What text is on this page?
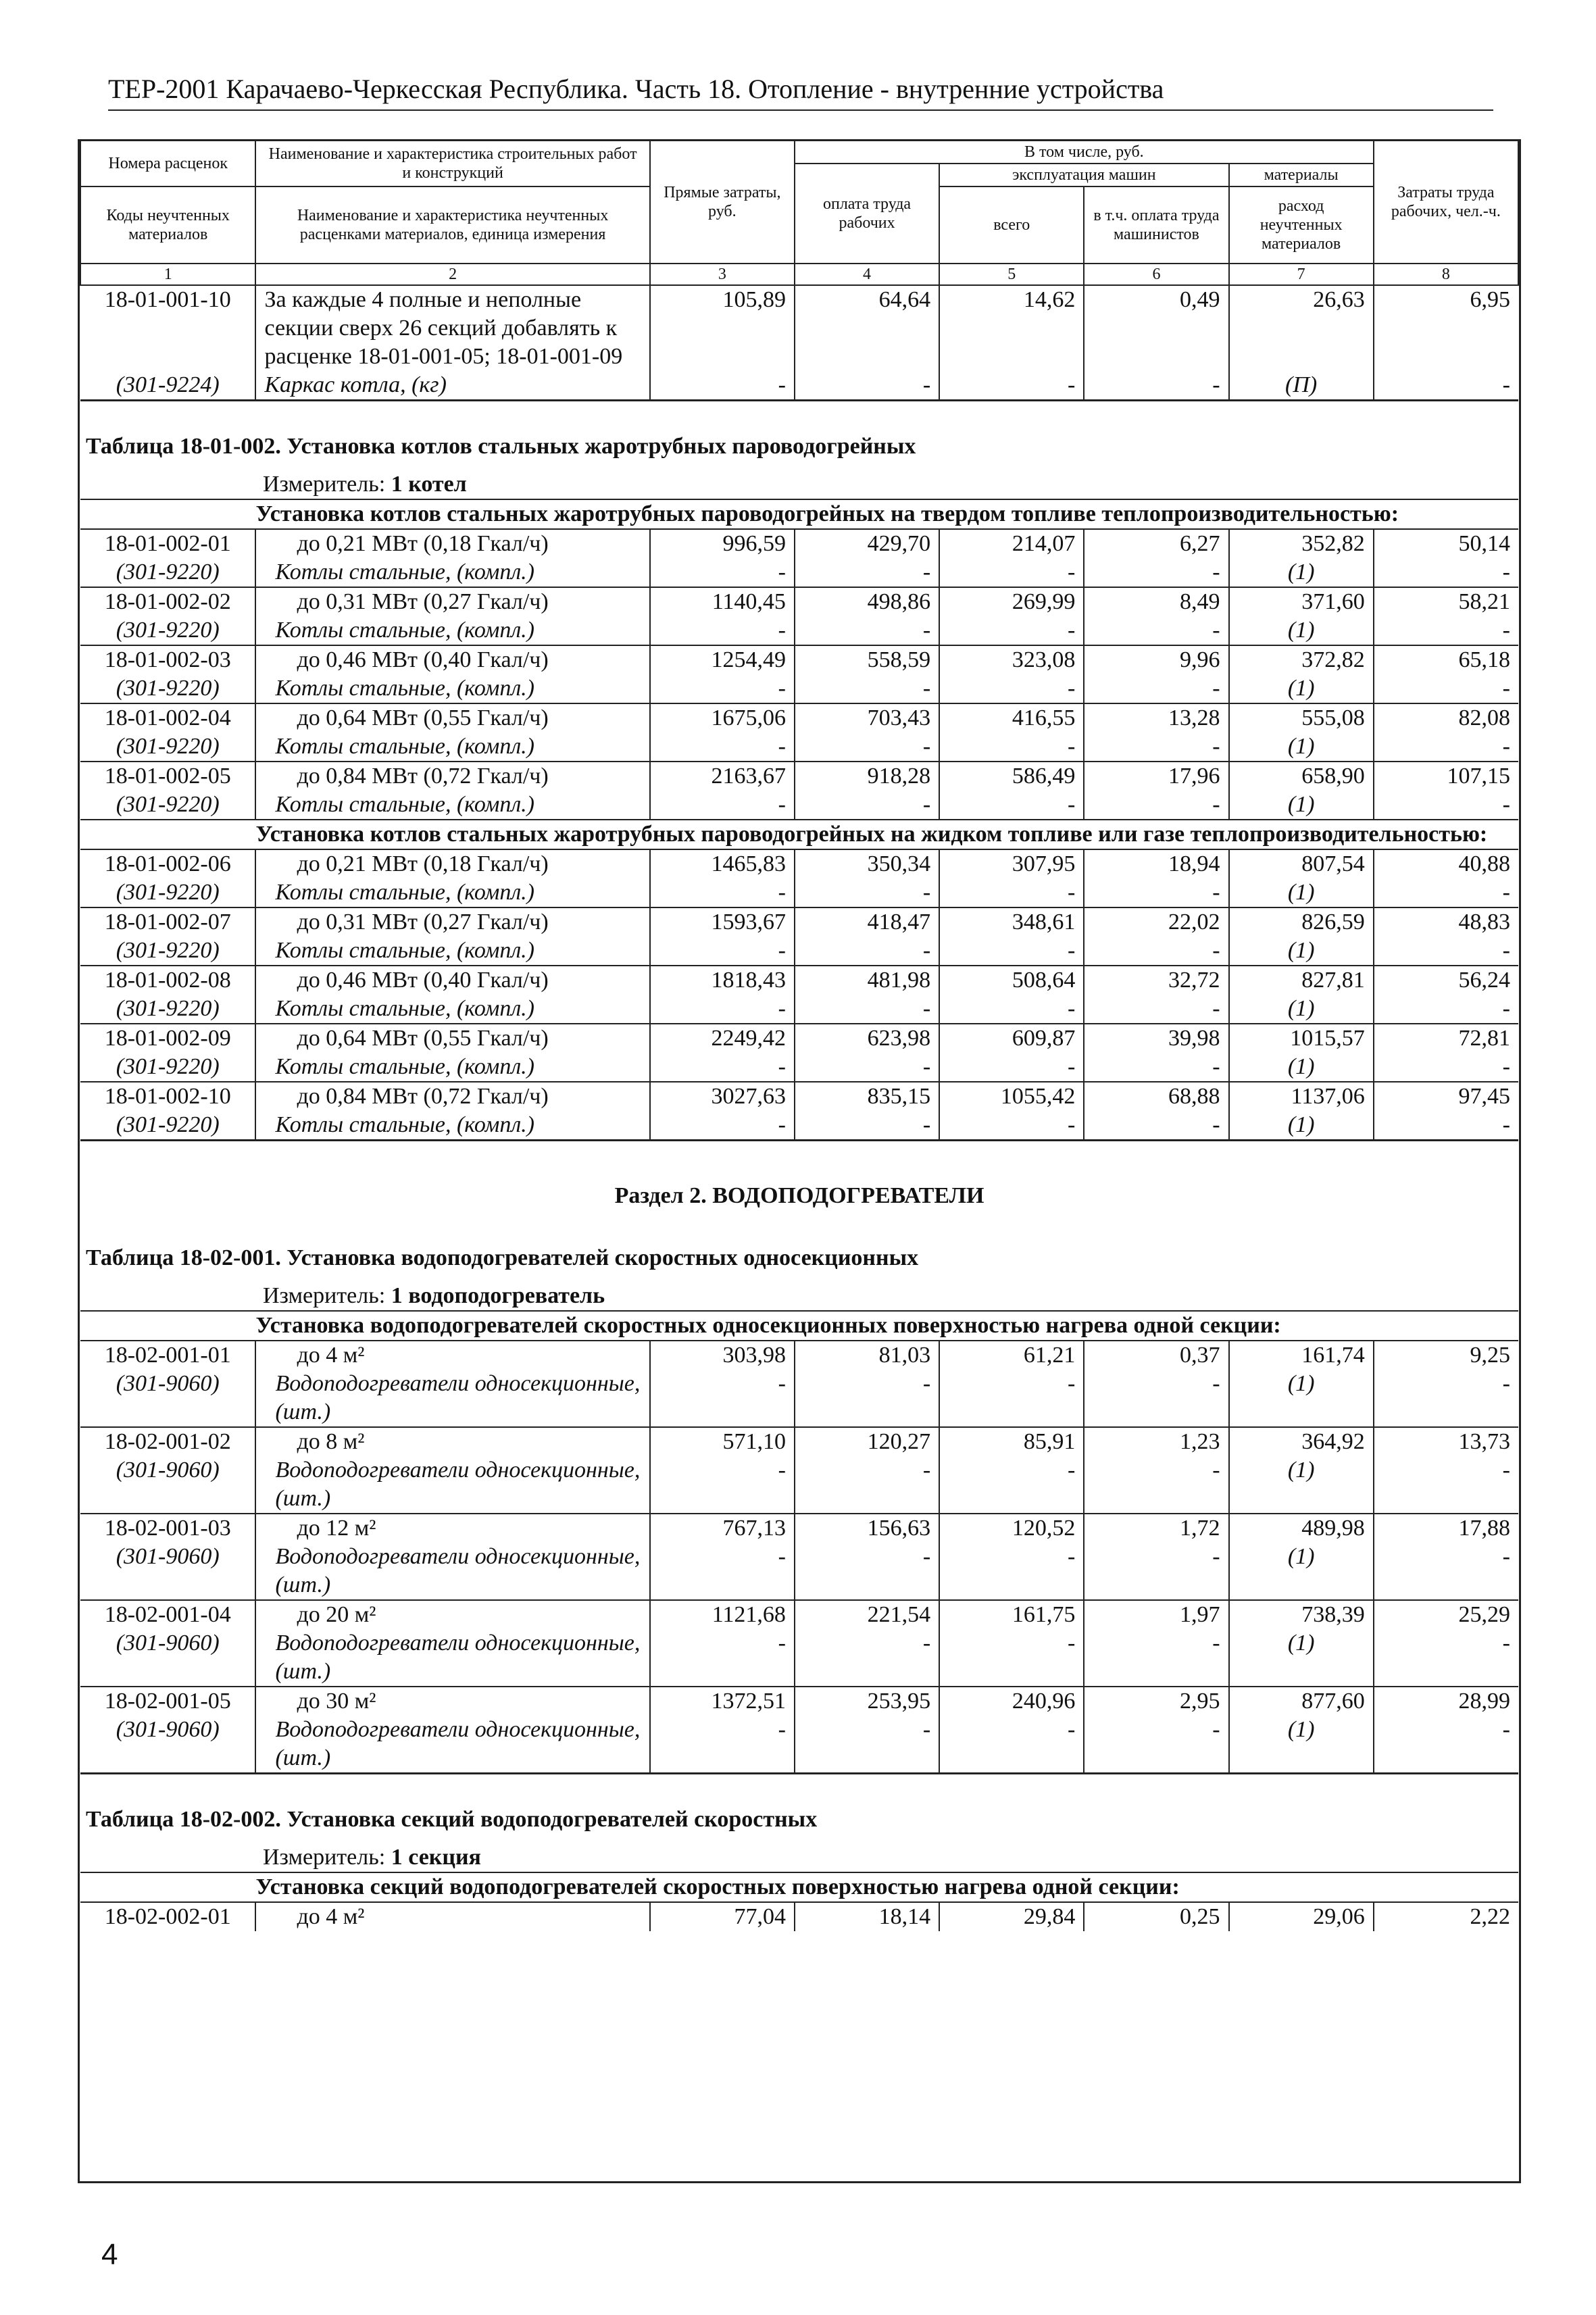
ТЕР-2001 Карачаево-Черкесская Республика. Часть 18. Отопление - внутренние устройства
Номера расценок	Наименование и характеристика строительных работ и конструкций	Прямые затраты, руб.	В том числе, руб.				Затраты труда рабочих, чел.-ч.
			оплата труда рабочих	эксплуатация машин		материалы	
Коды неучтенных материалов	Наименование и характеристика неучтенных расценками материалов, единица измерения			всего	в т.ч. оплата труда машинистов	расход неучтенных материалов	

1	2	3	4	5	6	7	8
18-01-001-10	За каждые 4 полные и неполные секции сверх 26 секций добавлять к расценке 18-01-001-05; 18-01-001-09	105,89	64,64	14,62	0,49	26,63	6,95
(301-9224)	Каркас котла, (кг)	-	-	-	-	(П)	-
Таблица 18-01-002. Установка котлов стальных жаротрубных пароводогрейных							
Измеритель: 1 котел							
	Установка котлов стальных жаротрубных пароводогрейных на твердом топливе теплопроизводительностью:						
18-01-002-01	до 0,21 МВт (0,18 Гкал/ч)	996,59	429,70	214,07	6,27	352,82	50,14
(301-9220)	Котлы стальные, (компл.)	-	-	-	-	(1)	-
18-01-002-02	до 0,31 МВт (0,27 Гкал/ч)	1140,45	498,86	269,99	8,49	371,60	58,21
(301-9220)	Котлы стальные, (компл.)	-	-	-	-	(1)	-
18-01-002-03	до 0,46 МВт (0,40 Гкал/ч)	1254,49	558,59	323,08	9,96	372,82	65,18
(301-9220)	Котлы стальные, (компл.)	-	-	-	-	(1)	-
18-01-002-04	до 0,64 МВт (0,55 Гкал/ч)	1675,06	703,43	416,55	13,28	555,08	82,08
(301-9220)	Котлы стальные, (компл.)	-	-	-	-	(1)	-
18-01-002-05	до 0,84 МВт (0,72 Гкал/ч)	2163,67	918,28	586,49	17,96	658,90	107,15
(301-9220)	Котлы стальные, (компл.)	-	-	-	-	(1)	-
	Установка котлов стальных жаротрубных пароводогрейных на жидком топливе или газе теплопроизводительностью:						
18-01-002-06	до 0,21 МВт (0,18 Гкал/ч)	1465,83	350,34	307,95	18,94	807,54	40,88
(301-9220)	Котлы стальные, (компл.)	-	-	-	-	(1)	-
18-01-002-07	до 0,31 МВт (0,27 Гкал/ч)	1593,67	418,47	348,61	22,02	826,59	48,83
(301-9220)	Котлы стальные, (компл.)	-	-	-	-	(1)	-
18-01-002-08	до 0,46 МВт (0,40 Гкал/ч)	1818,43	481,98	508,64	32,72	827,81	56,24
(301-9220)	Котлы стальные, (компл.)	-	-	-	-	(1)	-
18-01-002-09	до 0,64 МВт (0,55 Гкал/ч)	2249,42	623,98	609,87	39,98	1015,57	72,81
(301-9220)	Котлы стальные, (компл.)	-	-	-	-	(1)	-
18-01-002-10	до 0,84 МВт (0,72 Гкал/ч)	3027,63	835,15	1055,42	68,88	1137,06	97,45
(301-9220)	Котлы стальные, (компл.)	-	-	-	-	(1)	-
Раздел 2. ВОДОПОДОГРЕВАТЕЛИ							
Таблица 18-02-001. Установка водоподогревателей скоростных односекционных							
Измеритель: 1 водоподогреватель							
	Установка водоподогревателей скоростных односекционных поверхностью нагрева одной секции:						
18-02-001-01	до 4 м²	303,98	81,03	61,21	0,37	161,74	9,25
(301-9060)	Водоподогреватели односекционные, (шт.)	-	-	-	-	(1)	-
18-02-001-02	до 8 м²	571,10	120,27	85,91	1,23	364,92	13,73
(301-9060)	Водоподогреватели односекционные, (шт.)	-	-	-	-	(1)	-
18-02-001-03	до 12 м²	767,13	156,63	120,52	1,72	489,98	17,88
(301-9060)	Водоподогреватели односекционные, (шт.)	-	-	-	-	(1)	-
18-02-001-04	до 20 м²	1121,68	221,54	161,75	1,97	738,39	25,29
(301-9060)	Водоподогреватели односекционные, (шт.)	-	-	-	-	(1)	-
18-02-001-05	до 30 м²	1372,51	253,95	240,96	2,95	877,60	28,99
(301-9060)	Водоподогреватели односекционные, (шт.)	-	-	-	-	(1)	-
Таблица 18-02-002. Установка секций водоподогревателей скоростных							
Измеритель: 1 секция							
	Установка секций водоподогревателей скоростных поверхностью нагрева одной секции:						
18-02-002-01	до 4 м²	77,04	18,14	29,84	0,25	29,06	2,22
4
